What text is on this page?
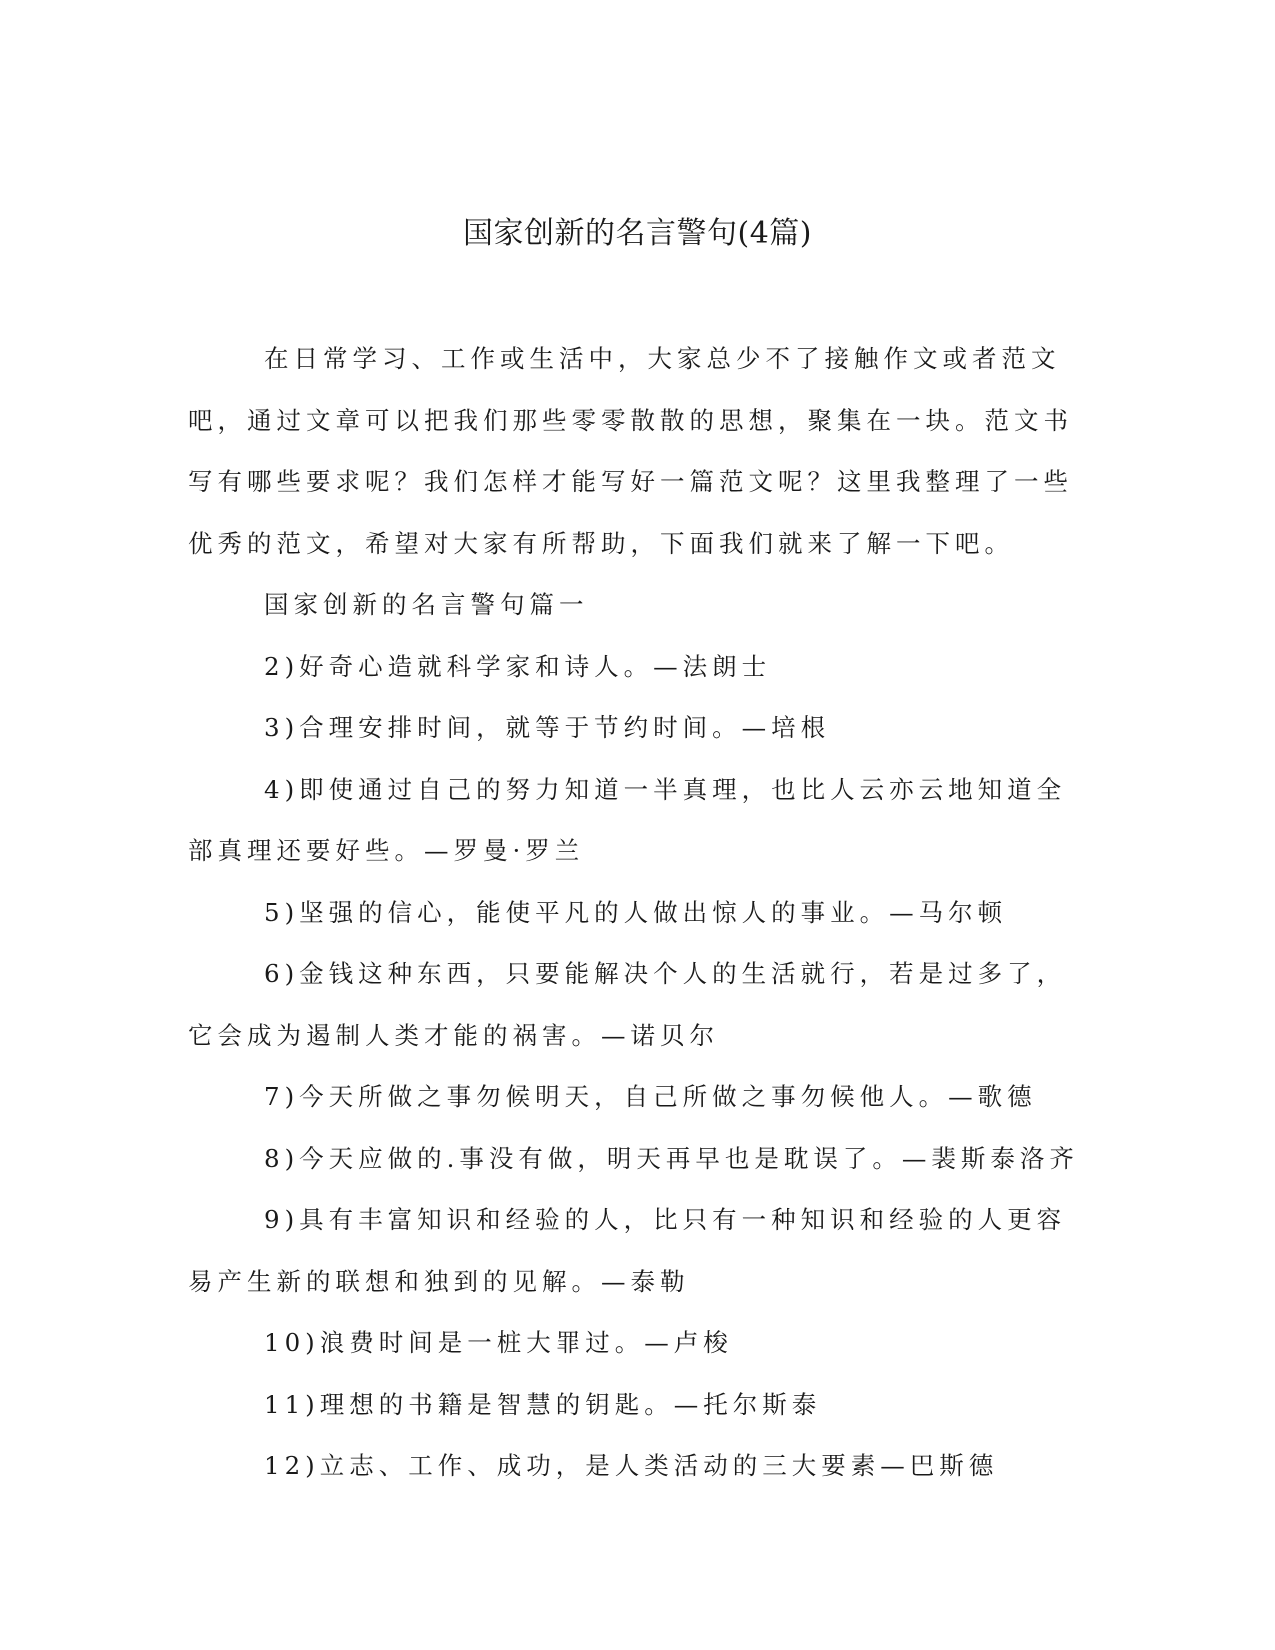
国家创新的名言警句(4篇)

在日常学习、工作或生活中，大家总少不了接触作文或者范文吧，通过文章可以把我们那些零零散散的思想，聚集在一块。范文书写有哪些要求呢？我们怎样才能写好一篇范文呢？这里我整理了一些优秀的范文，希望对大家有所帮助，下面我们就来了解一下吧。

国家创新的名言警句篇一

2)好奇心造就科学家和诗人。—法朗士

3)合理安排时间，就等于节约时间。—培根

4)即使通过自己的努力知道一半真理，也比人云亦云地知道全部真理还要好些。—罗曼·罗兰

5)坚强的信心，能使平凡的人做出惊人的事业。—马尔顿

6)金钱这种东西，只要能解决个人的生活就行，若是过多了，它会成为遏制人类才能的祸害。—诺贝尔

7)今天所做之事勿候明天，自己所做之事勿候他人。—歌德

8)今天应做的.事没有做，明天再早也是耽误了。—裴斯泰洛齐

9)具有丰富知识和经验的人，比只有一种知识和经验的人更容易产生新的联想和独到的见解。—泰勒

10)浪费时间是一桩大罪过。—卢梭

11)理想的书籍是智慧的钥匙。—托尔斯泰

12)立志、工作、成功，是人类活动的三大要素—巴斯德
